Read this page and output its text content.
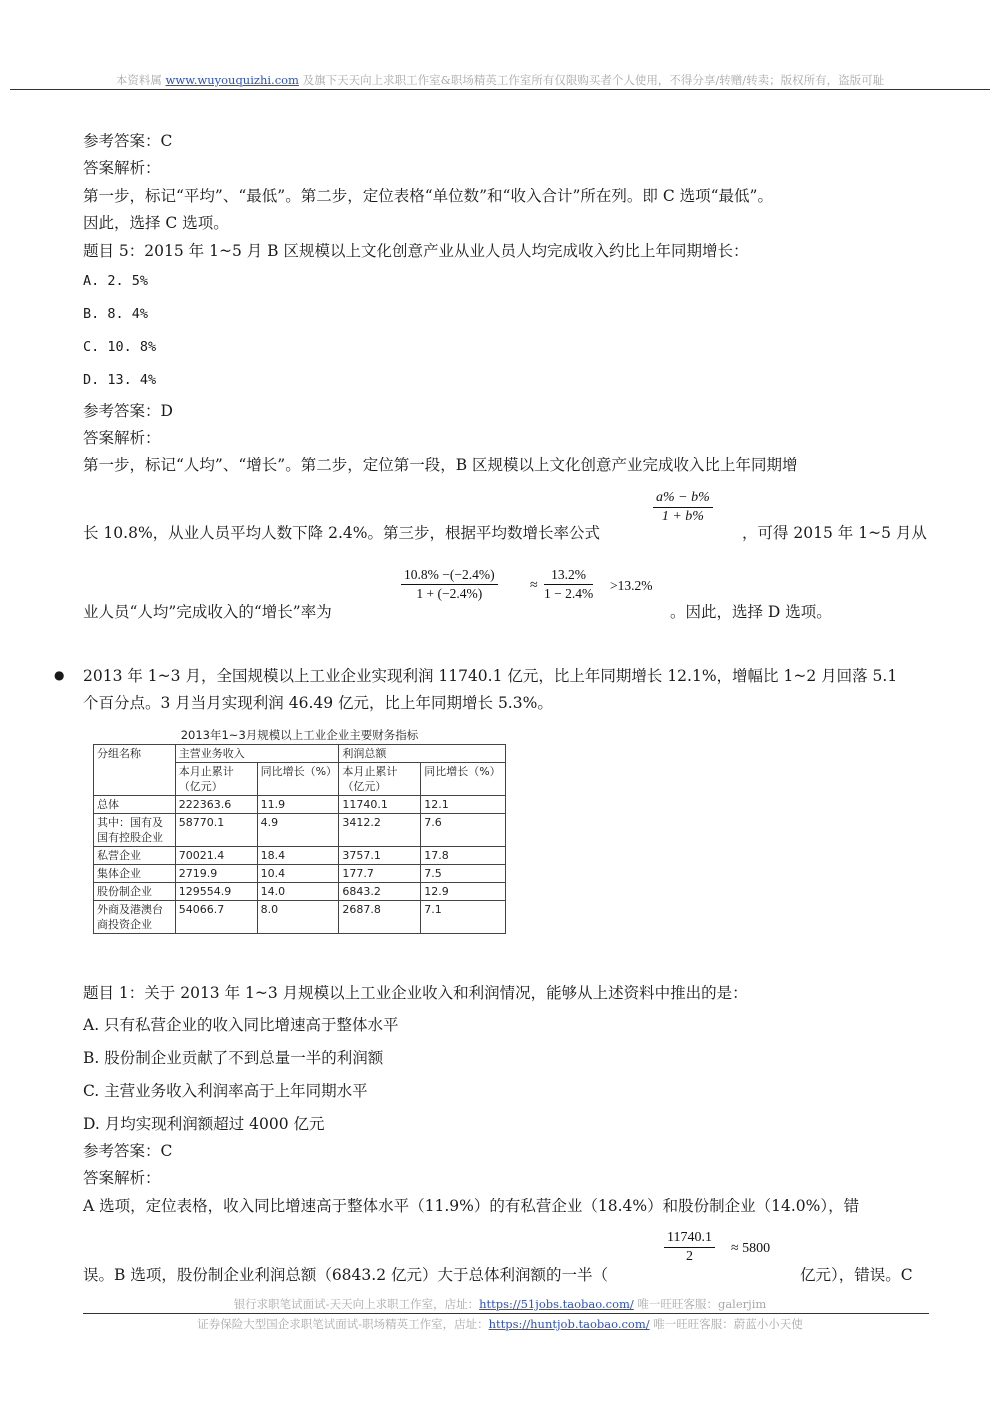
本资料属 www.wuyouquizhi.com 及旗下天天向上求职工作室&职场精英工作室所有仅限购买者个人使用，不得分享/转赠/转卖；版权所有，盗版可耻
参考答案：C
答案解析：
第一步，标记“平均”、“最低”。第二步，定位表格“单位数”和“收入合计”所在列。即 C 选项“最低”。
因此，选择 C 选项。
题目 5：2015 年 1~5 月 B 区规模以上文化创意产业从业人员人均完成收入约比上年同期增长：
A. 2. 5%
B. 8. 4%
C. 10. 8%
D. 13. 4%
参考答案：D
答案解析：
第一步，标记“人均”、“增长”。第二步，定位第一段，B 区规模以上文化创意产业完成收入比上年同期增
长 10.8%，从业人员平均人数下降 2.4%。第三步，根据平均数增长率公式	，可得 2015 年 1~5 月从
$\frac{a\% - b\%}{1 + b\%}$
业人员“人均”完成收入的“增长”率为	。因此，选择 D 选项。
$\frac{10.8\% -(-2.4\%)}{1 + (-2.4\%)} \approx \frac{13.2\%}{1 - 2.4\%} >13.2\%$
● 2013 年 1~3 月，全国规模以上工业企业实现利润 11740.1 亿元，比上年同期增长 12.1%，增幅比 1~2 月回落 5.1
个百分点。3 月当月实现利润 46.49 亿元，比上年同期增长 5.3%。
2013年1~3月规模以上工业企业主要财务指标
分组名称	主营业务收入		利润总额	
	本月止累计（亿元）	同比增长（%）	本月止累计（亿元）	同比增长（%）
总体	222363.6	11.9	11740.1	12.1
其中：国有及国有控股企业	58770.1	4.9	3412.2	7.6
私营企业	70021.4	18.4	3757.1	17.8
集体企业	2719.9	10.4	177.7	7.5
股份制企业	129554.9	14.0	6843.2	12.9
外商及港澳台商投资企业	54066.7	8.0	2687.8	7.1
题目 1：关于 2013 年 1~3 月规模以上工业企业收入和利润情况，能够从上述资料中推出的是：
A. 只有私营企业的收入同比增速高于整体水平
B. 股份制企业贡献了不到总量一半的利润额
C. 主营业务收入利润率高于上年同期水平
D. 月均实现利润额超过 4000 亿元
参考答案：C
答案解析：
A 选项，定位表格，收入同比增速高于整体水平（11.9%）的有私营企业（18.4%）和股份制企业（14.0%），错
误。B 选项，股份制企业利润总额（6843.2 亿元）大于总体利润额的一半（	亿元），错误。C
$\frac{11740.1}{2} \approx 5800$
银行求职笔试面试-天天向上求职工作室，店址：https://51jobs.taobao.com/ 唯一旺旺客服：galerjim
证券保险大型国企求职笔试面试-职场精英工作室，店址：https://huntjob.taobao.com/ 唯一旺旺客服：蔚蓝小小天使
